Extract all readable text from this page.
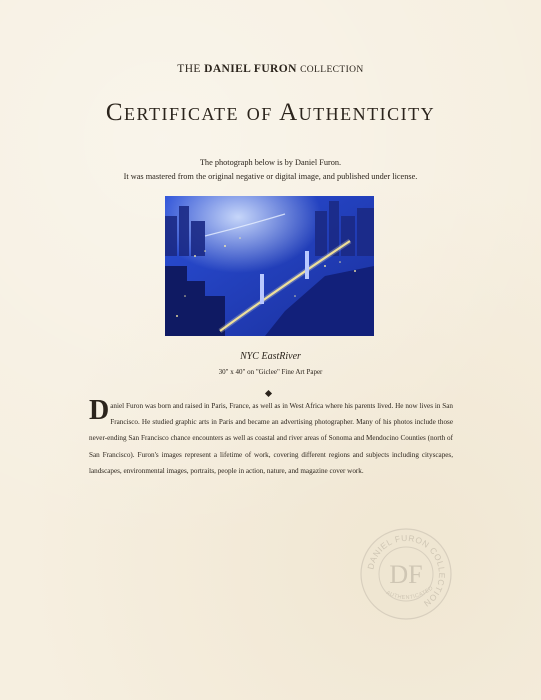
THE DANIEL FURON COLLECTION
Certificate of Authenticity
The photograph below is by Daniel Furon.
It was mastered from the original negative or digital image, and published under license.
NYC EastRiver
30" x 40" on "Giclee" Fine Art Paper
Daniel Furon was born and raised in Paris, France, as well as in West Africa where his parents lived. He now lives in San Francisco. He studied graphic arts in Paris and became an advertising photographer. Many of his photos include those never-ending San Francisco chance encounters as well as coastal and river areas of Sonoma and Mendocino Counties (north of San Francisco). Furon's images represent a lifetime of work, covering different regions and subjects including cityscapes, landscapes, environmental images, portraits, people in action, nature, and magazine cover work.
DANIEL FURON COLLECTION
DF
AUTHENTICATED
